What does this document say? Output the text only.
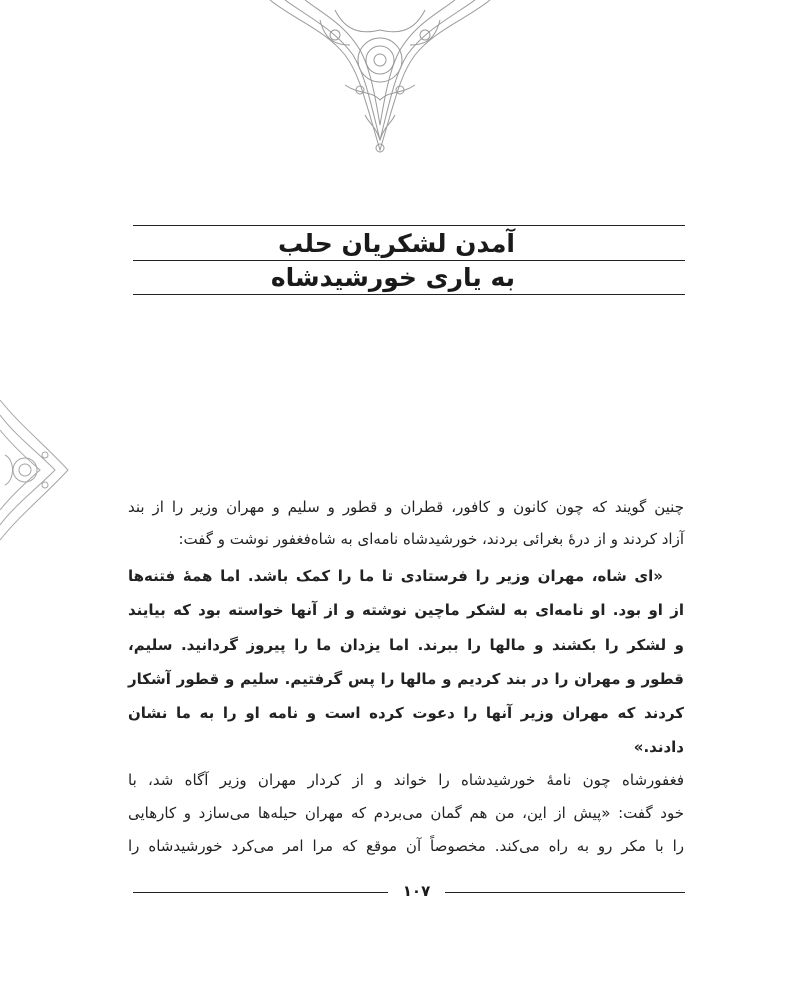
آمدن لشکریان حلب
به یاری خورشیدشاه
چنین گویند که چون کانون و کافور، قطران و قطور و سلیم و مهران وزیر را از بند
آزاد کردند و از درهٔ بغرائی بردند، خورشیدشاه نامه‌ای به شاه‌فغفور نوشت و گفت:
«ای شاه، مهران وزیر را فرستادی تا ما را کمک باشد. اما همهٔ فتنه‌ها
از او بود. او نامه‌ای به لشکر ماچین نوشته و از آنها خواسته بود که بیایند
و لشکر را بکشند و مالها را ببرند. اما یزدان ما را پیروز گردانید. سلیم،
قطور و مهران را در بند کردیم و مالها را پس گرفتیم. سلیم و قطور آشکار
کردند که مهران وزیر آنها را دعوت کرده است و نامه او را به ما نشان
دادند.»
فغفورشاه چون نامهٔ خورشیدشاه را خواند و از کردار مهران وزیر آگاه شد، با
خود گفت: «پیش از این، من هم گمان می‌بردم که مهران حیله‌ها می‌سازد و کارهایی
را با مکر رو به راه می‌کند. مخصوصاً آن موقع که مرا امر می‌کرد خورشیدشاه را
۱۰۷
